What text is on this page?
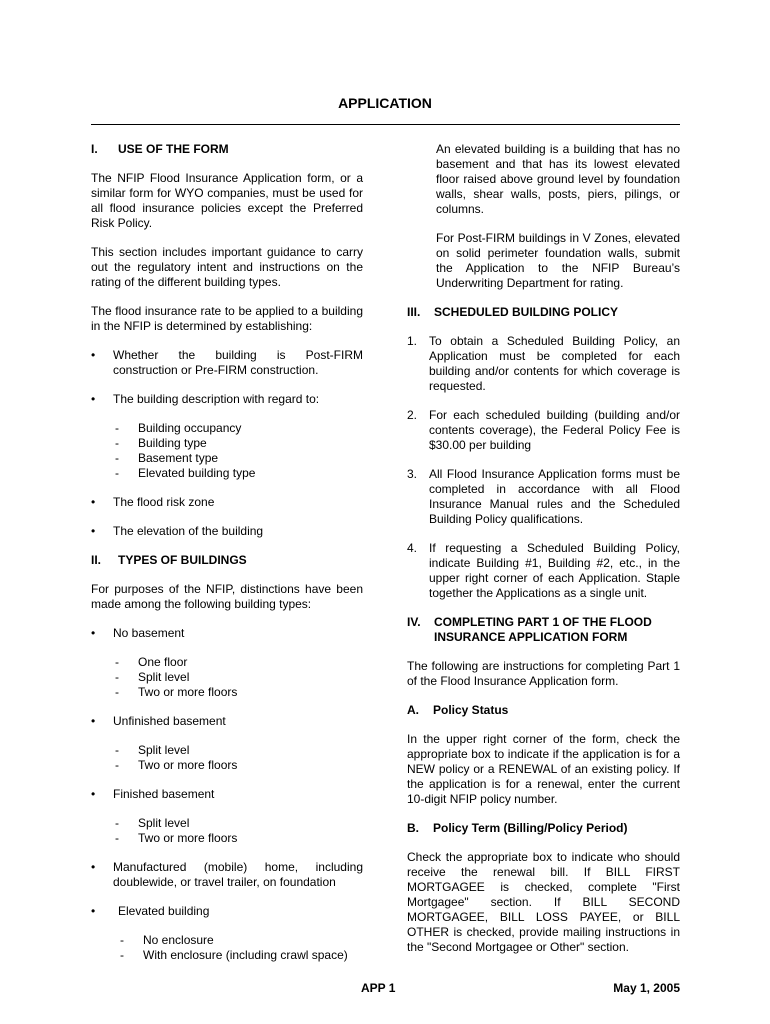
APPLICATION
I.	USE OF THE FORM

The NFIP Flood Insurance Application form, or a similar form for WYO companies, must be used for all flood insurance policies except the Preferred Risk Policy.

This section includes important guidance to carry out the regulatory intent and instructions on the rating of the different building types.

The flood insurance rate to be applied to a building in the NFIP is determined by establishing:

•	Whether the building is Post-FIRM construction or Pre-FIRM construction.
•	The building description with regard to:
-	Building occupancy
-	Building type
-	Basement type
-	Elevated building type
•	The flood risk zone
•	The elevation of the building
II.	TYPES OF BUILDINGS

For purposes of the NFIP, distinctions have been made among the following building types:

•	No basement
-	One floor
-	Split level
-	Two or more floors
•	Unfinished basement
-	Split level
-	Two or more floors
•	Finished basement
-	Split level
-	Two or more floors
•	Manufactured (mobile) home, including doublewide, or travel trailer, on foundation
•	Elevated building
-	No enclosure
-	With enclosure (including crawl space)

An elevated building is a building that has no basement and that has its lowest elevated floor raised above ground level by foundation walls, shear walls, posts, piers, pilings, or columns.

For Post-FIRM buildings in V Zones, elevated on solid perimeter foundation walls, submit the Application to the NFIP Bureau’s Underwriting Department for rating.

III.	SCHEDULED BUILDING POLICY
1. To obtain a Scheduled Building Policy, an Application must be completed for each building and/or contents for which coverage is requested.
2. For each scheduled building (building and/or contents coverage), the Federal Policy Fee is $30.00 per building
3. All Flood Insurance Application forms must be completed in accordance with all Flood Insurance Manual rules and the Scheduled Building Policy qualifications.
4. If requesting a Scheduled Building Policy, indicate Building #1, Building #2, etc., in the upper right corner of each Application. Staple together the Applications as a single unit.
IV.	COMPLETING PART 1 OF THE FLOOD INSURANCE APPLICATION FORM

The following are instructions for completing Part 1 of the Flood Insurance Application form.

A.	Policy Status

In the upper right corner of the form, check the appropriate box to indicate if the application is for a NEW policy or a RENEWAL of an existing policy. If the application is for a renewal, enter the current 10-digit NFIP policy number.

B.	Policy Term (Billing/Policy Period)

Check the appropriate box to indicate who should receive the renewal bill. If BILL FIRST MORTGAGEE is checked, complete "First Mortgagee" section. If BILL SECOND MORTGAGEE, BILL LOSS PAYEE, or BILL OTHER is checked, provide mailing instructions in the "Second Mortgagee or Other" section.

APP 1	May 1, 2005
